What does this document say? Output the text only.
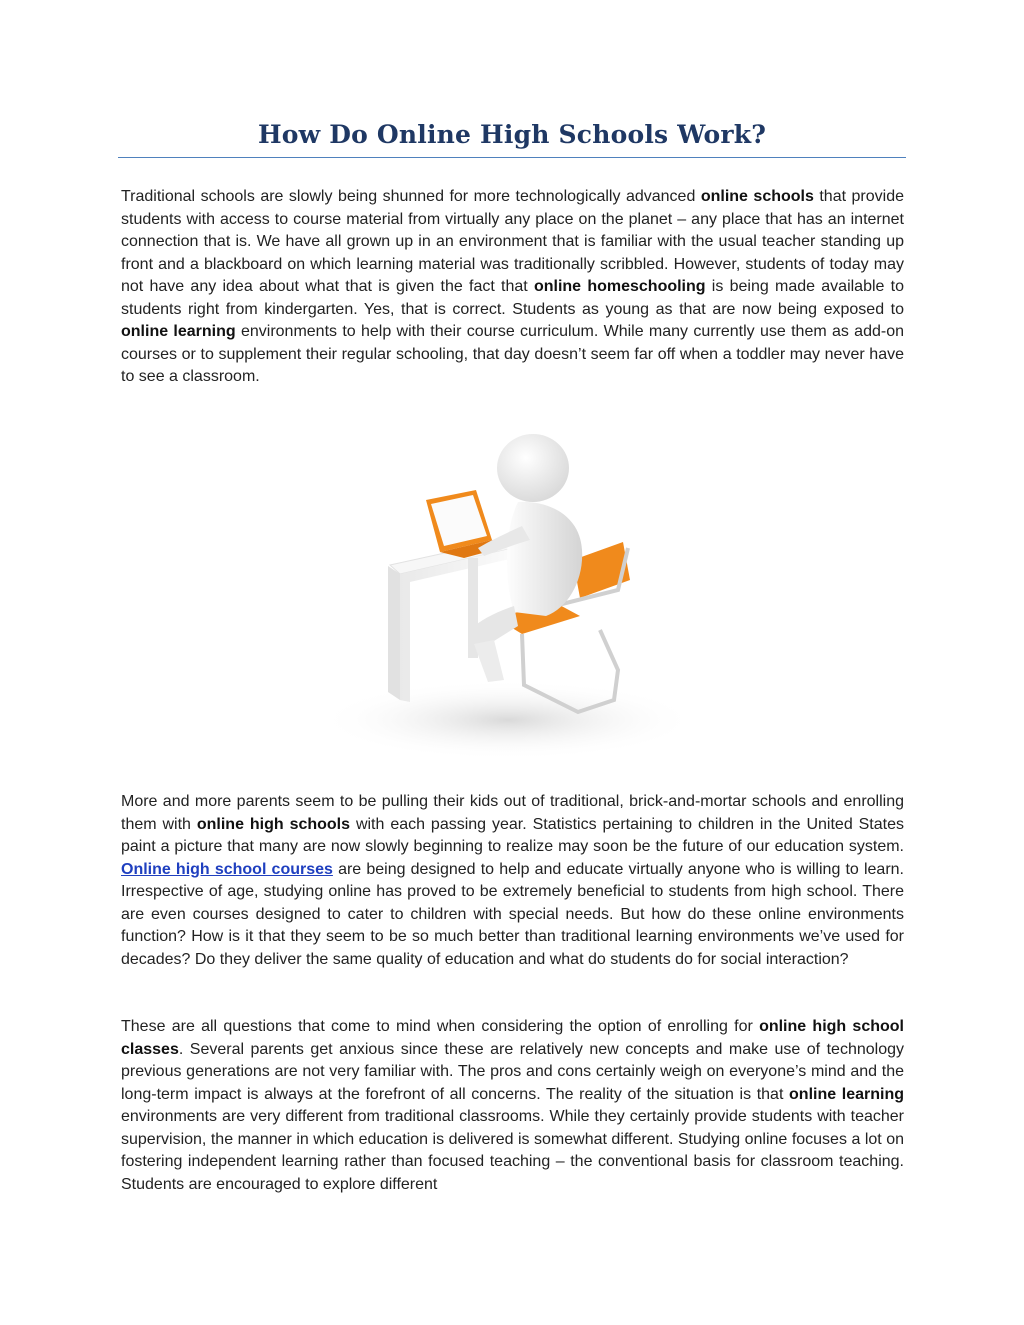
How Do Online High Schools Work?

Traditional schools are slowly being shunned for more technologically advanced online schools that provide students with access to course material from virtually any place on the planet – any place that has an internet connection that is. We have all grown up in an environment that is familiar with the usual teacher standing up front and a blackboard on which learning material was traditionally scribbled. However, students of today may not have any idea about what that is given the fact that online homeschooling is being made available to students right from kindergarten. Yes, that is correct. Students as young as that are now being exposed to online learning environments to help with their course curriculum. While many currently use them as add-on courses or to supplement their regular schooling, that day doesn’t seem far off when a toddler may never have to see a classroom.

More and more parents seem to be pulling their kids out of traditional, brick-and-mortar schools and enrolling them with online high schools with each passing year. Statistics pertaining to children in the United States paint a picture that many are now slowly beginning to realize may soon be the future of our education system. Online high school courses are being designed to help and educate virtually anyone who is willing to learn. Irrespective of age, studying online has proved to be extremely beneficial to students from high school. There are even courses designed to cater to children with special needs. But how do these online environments function? How is it that they seem to be so much better than traditional learning environments we’ve used for decades? Do they deliver the same quality of education and what do students do for social interaction?

These are all questions that come to mind when considering the option of enrolling for online high school classes. Several parents get anxious since these are relatively new concepts and make use of technology previous generations are not very familiar with. The pros and cons certainly weigh on everyone’s mind and the long-term impact is always at the forefront of all concerns. The reality of the situation is that online learning environments are very different from traditional classrooms. While they certainly provide students with teacher supervision, the manner in which education is delivered is somewhat different. Studying online focuses a lot on fostering independent learning rather than focused teaching – the conventional basis for classroom teaching. Students are encouraged to explore different
